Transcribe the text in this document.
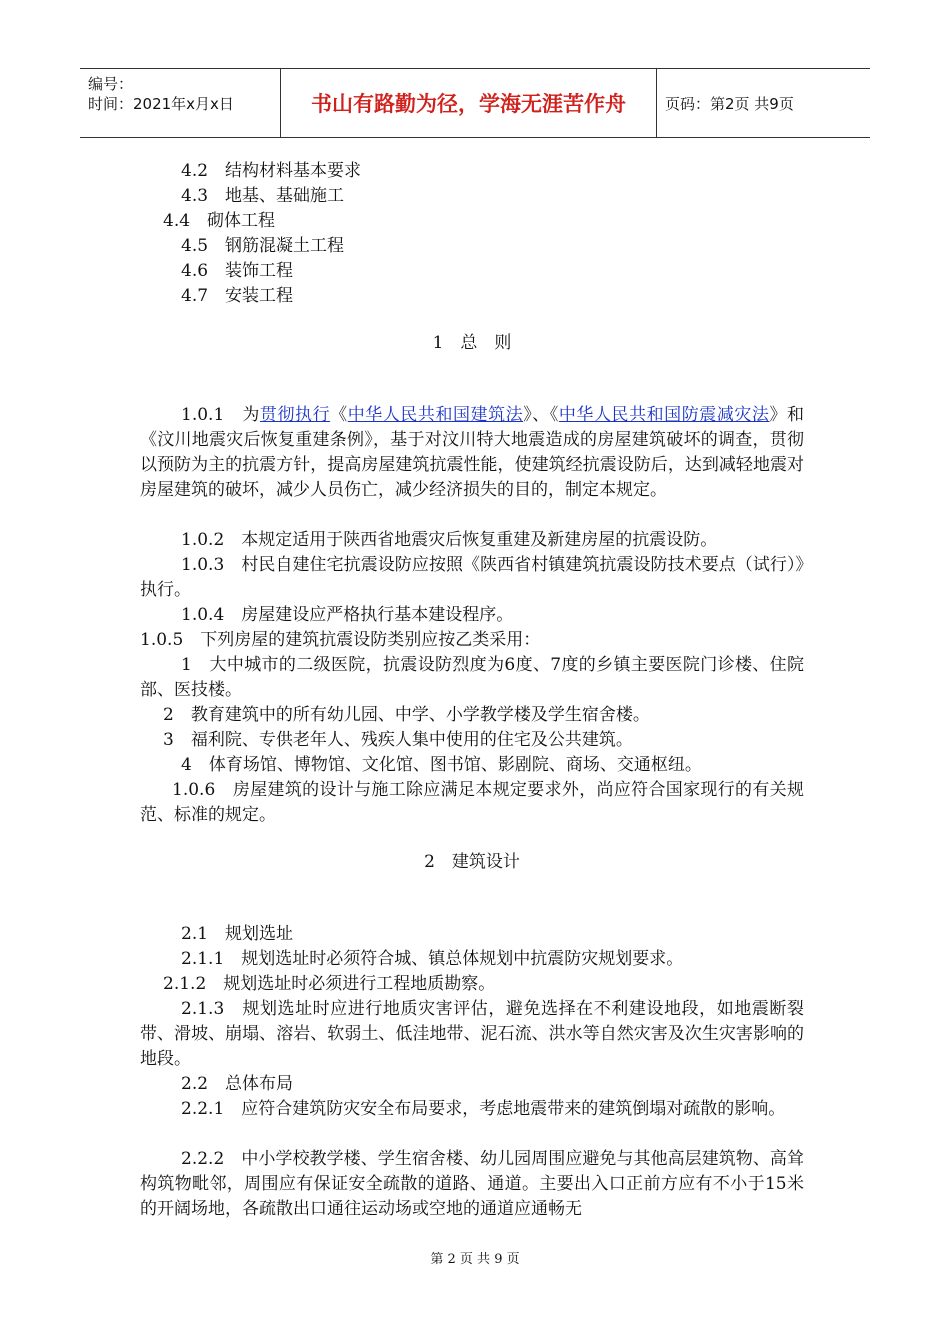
编号：
时间：2021年x月x日	书山有路勤为径，学海无涯苦作舟	页码：第2页 共9页
4.2　结构材料基本要求
4.3　地基、基础施工
4.4　砌体工程
4.5　钢筋混凝土工程
4.6　装饰工程
4.7　安装工程
1　总　则
1.0.1　为贯彻执行《中华人民共和国建筑法》、《中华人民共和国防震减灾法》和《汶川地震灾后恢复重建条例》，基于对汶川特大地震造成的房屋建筑破坏的调查，贯彻以预防为主的抗震方针，提高房屋建筑抗震性能，使建筑经抗震设防后，达到减轻地震对房屋建筑的破坏，减少人员伤亡，减少经济损失的目的，制定本规定。
1.0.2　本规定适用于陕西省地震灾后恢复重建及新建房屋的抗震设防。
1.0.3　村民自建住宅抗震设防应按照《陕西省村镇建筑抗震设防技术要点（试行）》执行。
1.0.4　房屋建设应严格执行基本建设程序。
1.0.5　下列房屋的建筑抗震设防类别应按乙类采用：
1　大中城市的二级医院，抗震设防烈度为6度、7度的乡镇主要医院门诊楼、住院部、医技楼。
2　教育建筑中的所有幼儿园、中学、小学教学楼及学生宿舍楼。
3　福利院、专供老年人、残疾人集中使用的住宅及公共建筑。
4　体育场馆、博物馆、文化馆、图书馆、影剧院、商场、交通枢纽。
1.0.6　房屋建筑的设计与施工除应满足本规定要求外，尚应符合国家现行的有关规范、标准的规定。
2　建筑设计
2.1　规划选址
2.1.1　规划选址时必须符合城、镇总体规划中抗震防灾规划要求。
2.1.2　规划选址时必须进行工程地质勘察。
2.1.3　规划选址时应进行地质灾害评估，避免选择在不利建设地段，如地震断裂带、滑坡、崩塌、溶岩、软弱土、低洼地带、泥石流、洪水等自然灾害及次生灾害影响的地段。
2.2　总体布局
2.2.1　应符合建筑防灾安全布局要求，考虑地震带来的建筑倒塌对疏散的影响。
2.2.2　中小学校教学楼、学生宿舍楼、幼儿园周围应避免与其他高层建筑物、高耸构筑物毗邻，周围应有保证安全疏散的道路、通道。主要出入口正前方应有不小于15米的开阔场地，各疏散出口通往运动场或空地的通道应通畅无
第 2 页 共 9 页
